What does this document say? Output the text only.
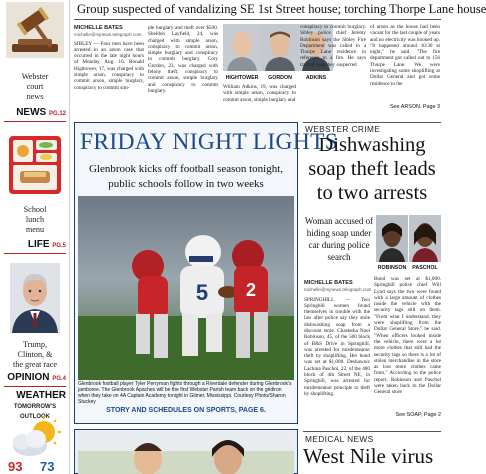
Webster
court
news
NEWS PG.12
School
lunch
menu
LIFE PG.5
Trump,
Clinton, &
the great race
OPINION PG.4
WEATHER
TOMORROW'S OUTLOOK
93 73
Group suspected of vandalizing SE 1st Street house; torching Thorpe Lane house
MICHELLE BATES
michelle@mjnews.telegraph.com
SIBLEY — Four men have been arrested in an arson case that occurred in the late night hours of Monday, Aug. 10. Ronald Hightower, 17, was charged with simple arson, conspiracy to commit arson, simple burglary, conspiracy to commit sim-
ple burglary and theft over $500. Sheldon Layfield, 24, was charged with simple arson, conspiracy to commit arson, simple burglary and conspiracy to commit burglary. Cory Gordon, 23, was charged with felony theft, conspiracy to commit arson, simple burglary and conspiracy to commit burglary.
HIGHTOWER	GORDON	ADKINS
William Adkins, 19, was charged with simple arson, conspiracy to commit arson, simple burglary and
conspiracy to commit burglary. Sibley police chief Jeremy Robinson says the Sibley Fire Department was called to a Thorpe Lane residence in reference to a fire. He says trained eyes they suspected
of arson as the house had been vacant for the last couple of years and no electricity was hooked up. "It happened around 10:30 at night," he said. "The fire department got called out to 156 Thorpe Lane. We were investigating some shoplifting at Dollar General and got some residence in the
See ARSON, Page 3
FRIDAY NIGHT LIGHTS
Glenbrook kicks off football season tonight, public schools follow in two weeks
5 2
Glenbrook football player Tyler Perryman fights through a Riverdale defender during Glenbrook's jamboree. The Glenbrook Apaches will be the first Webster Parish team back on the gridiron when they take on 4A Captain Academy tonight in Gilmer, Mississippi. Courtesy Photo/Sharon Stuckey
STORY AND SCHEDULES ON SPORTS, PAGE 6.
WEBSTER CRIME
Dishwashing soap theft leads to two arrests
Woman accused of hiding soap under car during police search
ROBINSON	PASCHOL
MICHELLE BATES
michelle@mjnews.telegraph.com
SPRINGHILL — Two Springhill women found themselves in trouble with the law after police say they stole dishwashing soap from a discount store. Chastetha Noel Robinson, 45, of the 500 block of B&S Drive in Springhill, was arrested for misdemeanor theft by shoplifting. Her bond was set at $1,000. Deshawnic Lachina Paschol, 22, of the 400 block of 4th Street NE, in Springhill, was arrested for misdemeanor principle to theft by shoplifting.
Bond was set at $1,000. Springhill police chief Will Lynd says the two were found with a large amount of clothes inside the vehicle with the security tags still on them. "From what I understand, they were shoplifting from the Dollar General Store," he said. "When officers looked inside the vehicle, there were a lot more clothes that still had the security tags so there is a lot of stolen merchandise in the store as loss more clothes came from." According to the police report, Robinson and Paschol were taken back to the Dollar General store
See SOAP, Page 2
MEDICAL NEWS
West Nile virus
